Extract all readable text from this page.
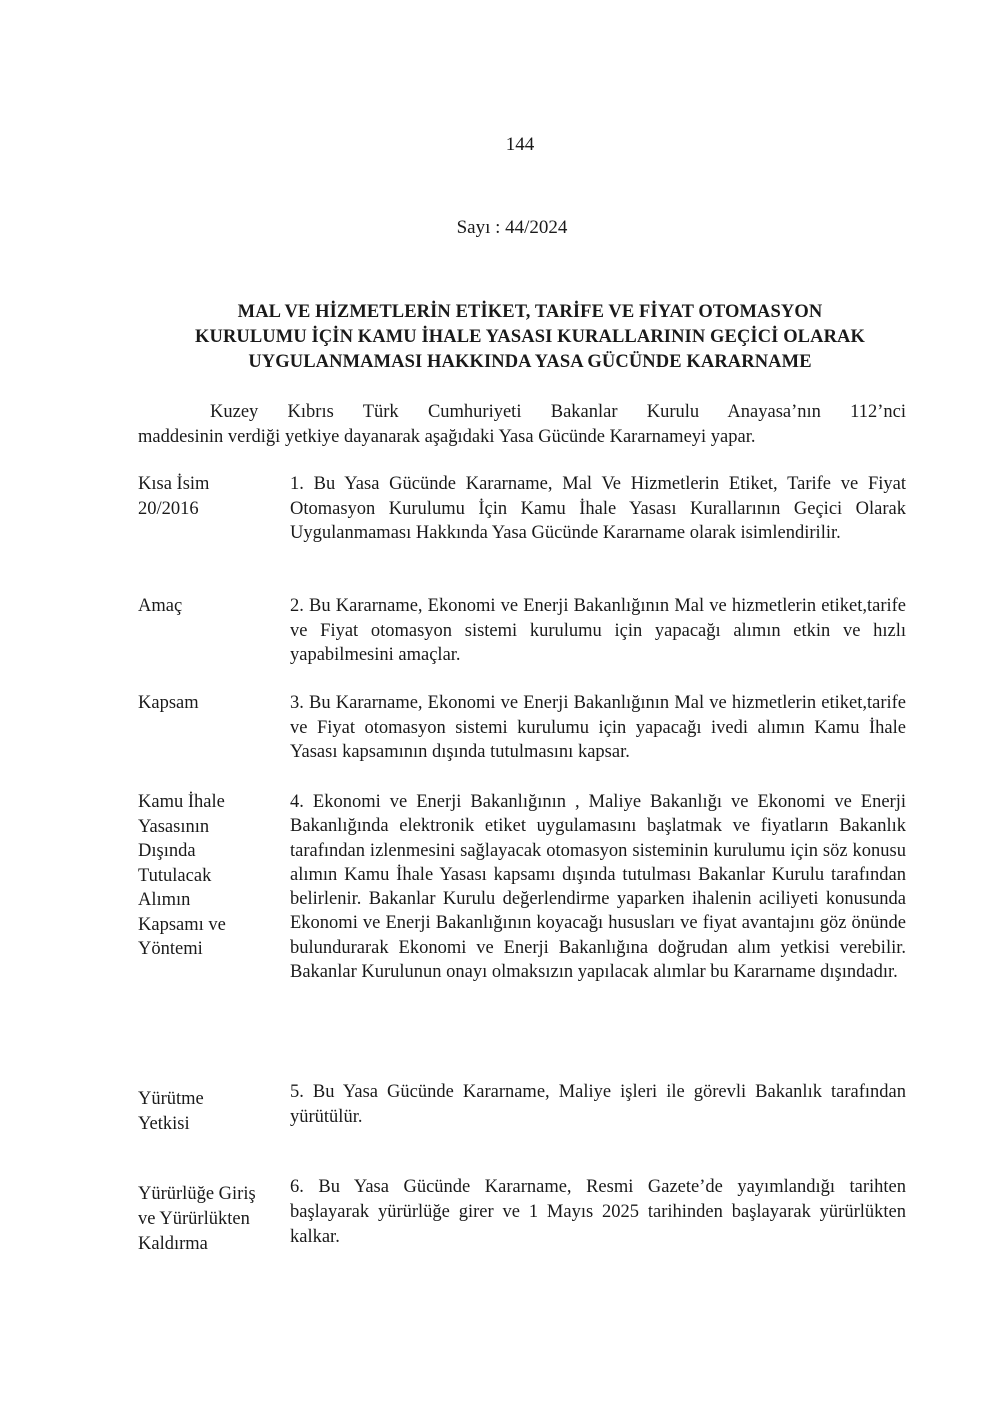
144
Sayı : 44/2024
MAL VE HİZMETLERİN ETİKET, TARİFE VE FİYAT OTOMASYON
KURULUMU İÇİN KAMU İHALE YASASI KURALLARININ GEÇİCİ OLARAK
UYGULANMAMASI HAKKINDA YASA GÜCÜNDE KARARNAME
Kuzey Kıbrıs Türk Cumhuriyeti Bakanlar Kurulu Anayasa’nın 112’nci
maddesinin verdiği yetkiye dayanarak aşağıdaki Yasa Gücünde Kararnameyi yapar.
Kısa İsim
20/2016
1. Bu Yasa Gücünde Kararname, Mal Ve Hizmetlerin Etiket, Tarife ve Fiyat Otomasyon Kurulumu İçin Kamu İhale Yasası Kurallarının Geçici Olarak Uygulanmaması Hakkında Yasa Gücünde Kararname olarak isimlendirilir.
Amaç	2. Bu Kararname, Ekonomi ve Enerji Bakanlığının Mal ve hizmetlerin etiket,tarife ve Fiyat otomasyon sistemi kurulumu için yapacağı alımın etkin ve hızlı yapabilmesini amaçlar.
Kapsam	3. Bu Kararname, Ekonomi ve Enerji Bakanlığının Mal ve hizmetlerin etiket,tarife ve Fiyat otomasyon sistemi kurulumu için yapacağı ivedi alımın Kamu İhale Yasası kapsamının dışında tutulmasını kapsar.
Kamu İhale
Yasasının
Dışında
Tutulacak
Alımın
Kapsamı ve
Yöntemi
4. Ekonomi ve Enerji Bakanlığının , Maliye Bakanlığı ve Ekonomi ve Enerji Bakanlığında elektronik etiket uygulamasını başlatmak ve fiyatların Bakanlık tarafından izlenmesini sağlayacak otomasyon sisteminin kurulumu için söz konusu alımın Kamu İhale Yasası kapsamı dışında tutulması Bakanlar Kurulu tarafından belirlenir. Bakanlar Kurulu değerlendirme yaparken ihalenin aciliyeti konusunda Ekonomi ve Enerji Bakanlığının koyacağı hususları ve fiyat avantajını göz önünde bulundurarak Ekonomi ve Enerji Bakanlığına doğrudan alım yetkisi verebilir. Bakanlar Kurulunun onayı olmaksızın yapılacak alımlar bu Kararname dışındadır.
Yürütme
Yetkisi
5. Bu Yasa Gücünde Kararname, Maliye işleri ile görevli Bakanlık tarafından yürütülür.
Yürürlüğe Giriş
ve Yürürlükten
Kaldırma
6. Bu Yasa Gücünde Kararname, Resmi Gazete’de yayımlandığı tarihten başlayarak yürürlüğe girer ve 1 Mayıs 2025 tarihinden başlayarak yürürlükten kalkar.
